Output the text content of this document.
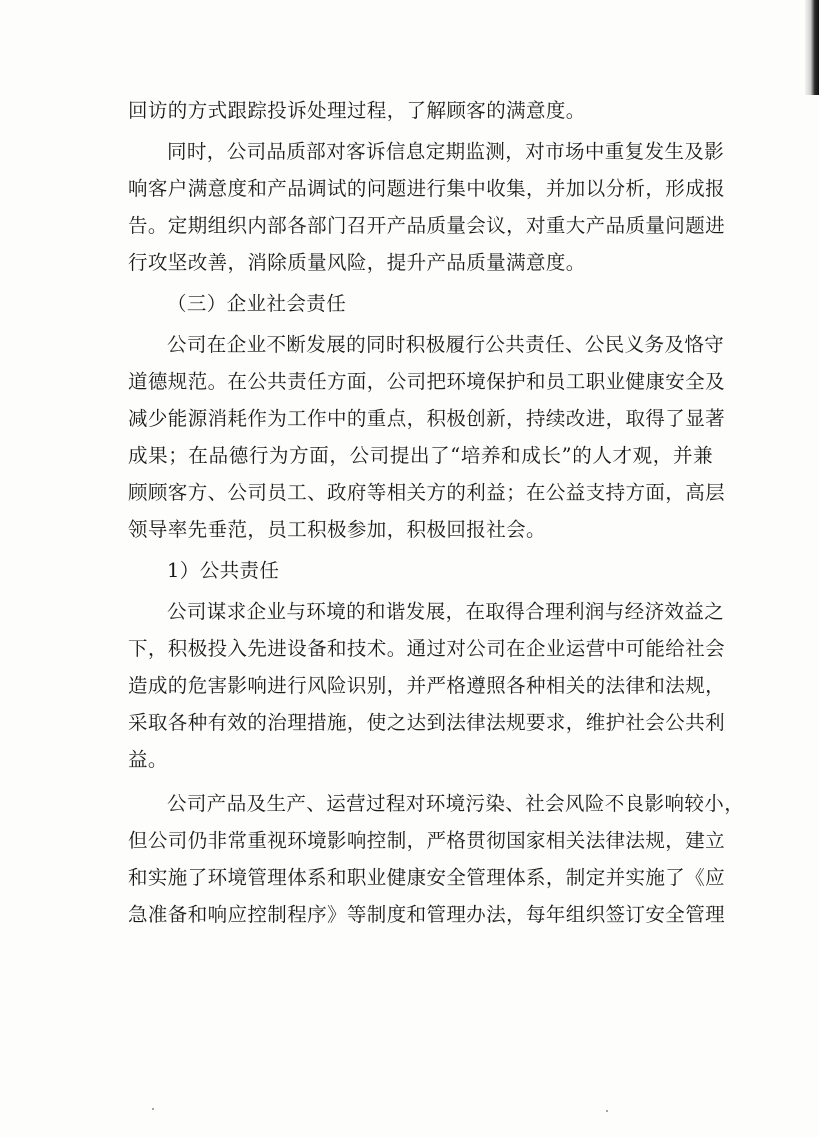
回访的方式跟踪投诉处理过程，了解顾客的满意度。
同时，公司品质部对客诉信息定期监测，对市场中重复发生及影
响客户满意度和产品调试的问题进行集中收集，并加以分析，形成报
告。定期组织内部各部门召开产品质量会议，对重大产品质量问题进
行攻坚改善，消除质量风险，提升产品质量满意度。
（三）企业社会责任
公司在企业不断发展的同时积极履行公共责任、公民义务及恪守
道德规范。在公共责任方面，公司把环境保护和员工职业健康安全及
减少能源消耗作为工作中的重点，积极创新，持续改进，取得了显著
成果；在品德行为方面，公司提出了“培养和成长”的人才观，并兼
顾顾客方、公司员工、政府等相关方的利益；在公益支持方面，高层
领导率先垂范，员工积极参加，积极回报社会。
1）公共责任
公司谋求企业与环境的和谐发展，在取得合理利润与经济效益之
下，积极投入先进设备和技术。通过对公司在企业运营中可能给社会
造成的危害影响进行风险识别，并严格遵照各种相关的法律和法规，
采取各种有效的治理措施，使之达到法律法规要求，维护社会公共利
益。
公司产品及生产、运营过程对环境污染、社会风险不良影响较小，
但公司仍非常重视环境影响控制，严格贯彻国家相关法律法规，建立
和实施了环境管理体系和职业健康安全管理体系，制定并实施了《应
急准备和响应控制程序》等制度和管理办法，每年组织签订安全管理
